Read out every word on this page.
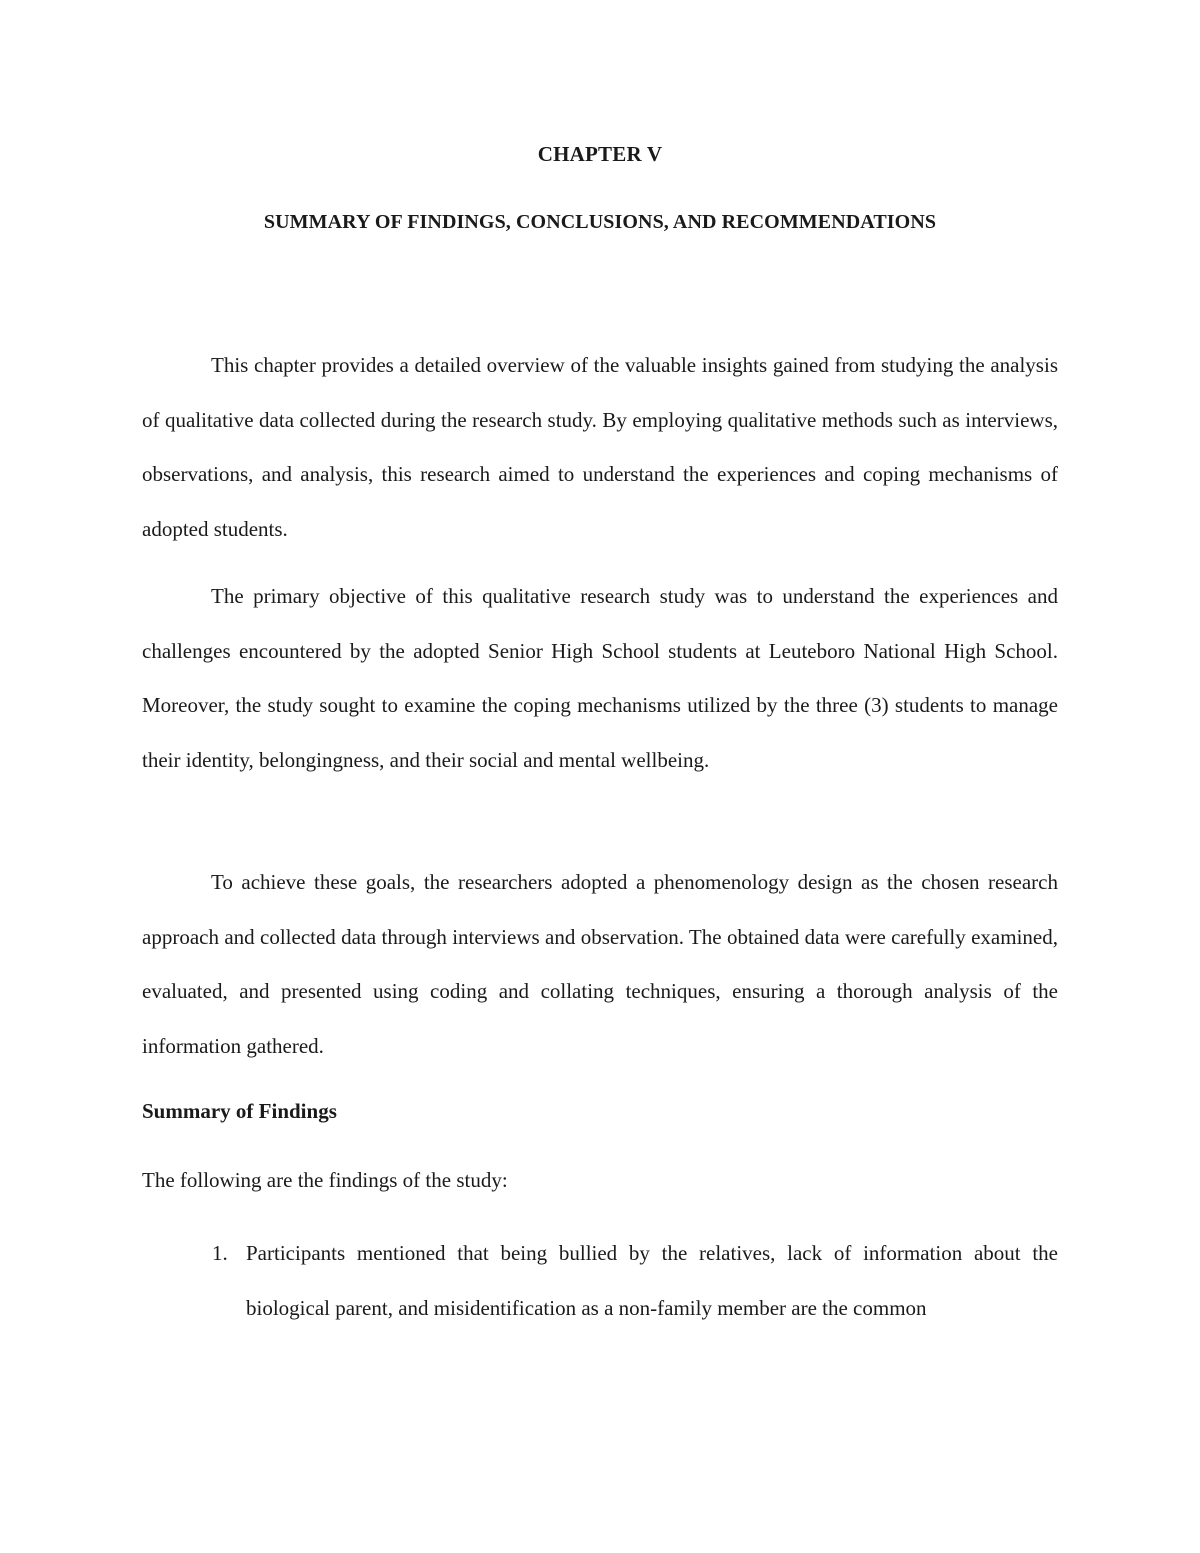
CHAPTER V
SUMMARY OF FINDINGS, CONCLUSIONS, AND RECOMMENDATIONS

This chapter provides a detailed overview of the valuable insights gained from studying the analysis of qualitative data collected during the research study. By employing qualitative methods such as interviews, observations, and analysis, this research aimed to understand the experiences and coping mechanisms of adopted students.

The primary objective of this qualitative research study was to understand the experiences and challenges encountered by the adopted Senior High School students at Leuteboro National High School. Moreover, the study sought to examine the coping mechanisms utilized by the three (3) students to manage their identity, belongingness, and their social and mental wellbeing.

To achieve these goals, the researchers adopted a phenomenology design as the chosen research approach and collected data through interviews and observation. The obtained data were carefully examined, evaluated, and presented using coding and collating techniques, ensuring a thorough analysis of the information gathered.

Summary of Findings
The following are the findings of the study:
1. Participants mentioned that being bullied by the relatives, lack of information about the biological parent, and misidentification as a non-family member are the common
